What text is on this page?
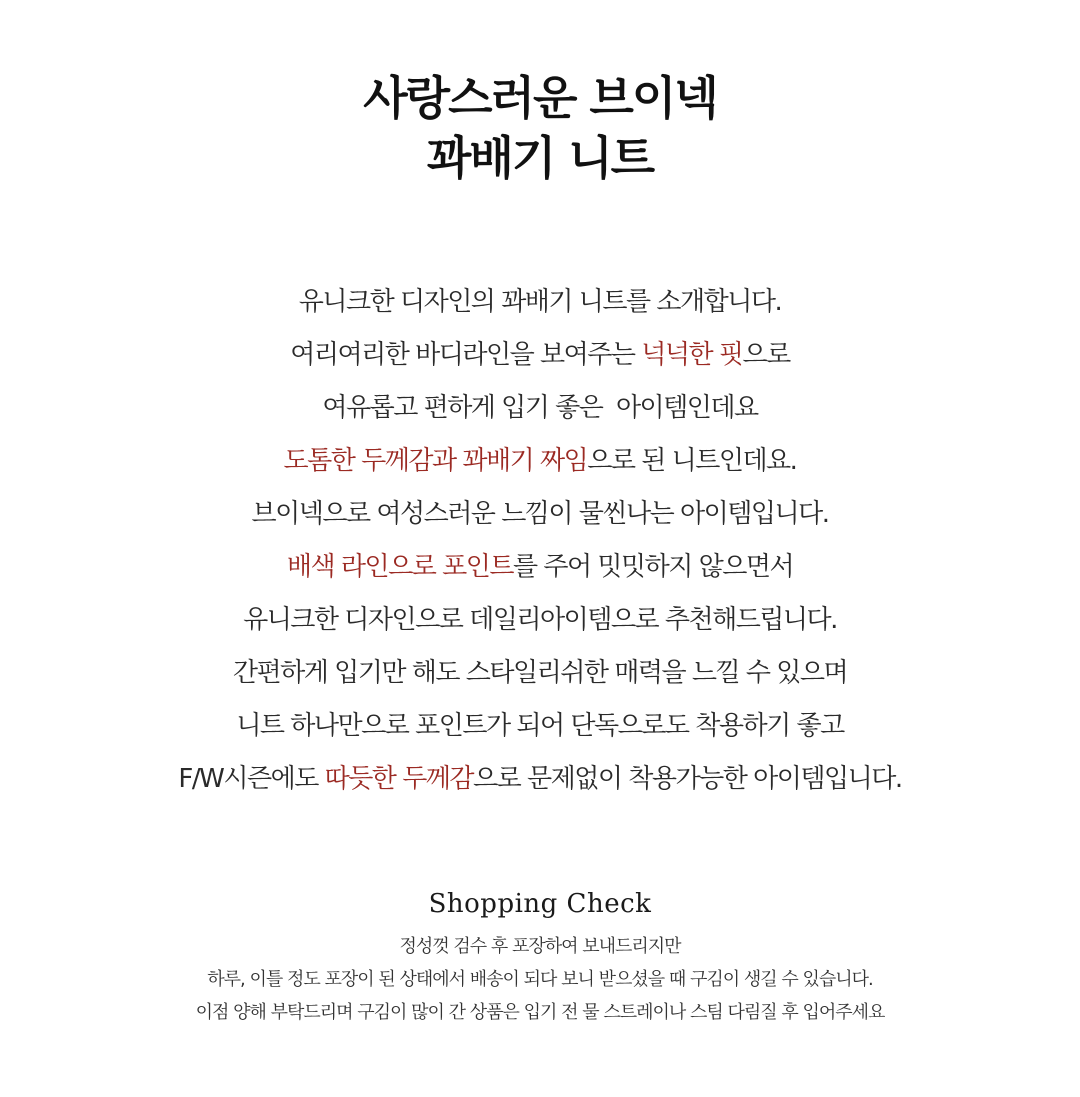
사랑스러운 브이넥
꽈배기 니트
유니크한 디자인의 꽈배기 니트를 소개합니다.
여리여리한 바디라인을 보여주는 넉넉한 핏으로
여유롭고 편하게 입기 좋은  아이템인데요
도톰한 두께감과 꽈배기 짜임으로 된 니트인데요.
브이넥으로 여성스러운 느낌이 물씬나는 아이템입니다.
배색 라인으로 포인트를 주어 밋밋하지 않으면서
유니크한 디자인으로 데일리아이템으로 추천해드립니다.
간편하게 입기만 해도 스타일리쉬한 매력을 느낄 수 있으며
니트 하나만으로 포인트가 되어 단독으로도 착용하기 좋고
F/W시즌에도 따듯한 두께감으로 문제없이 착용가능한 아이템입니다.
Shopping Check
정성껏 검수 후 포장하여 보내드리지만
하루, 이틀 정도 포장이 된 상태에서 배송이 되다 보니 받으셨을 때 구김이 생길 수 있습니다.
이점 양해 부탁드리며 구김이 많이 간 상품은 입기 전 물 스트레이나 스팀 다림질 후 입어주세요
